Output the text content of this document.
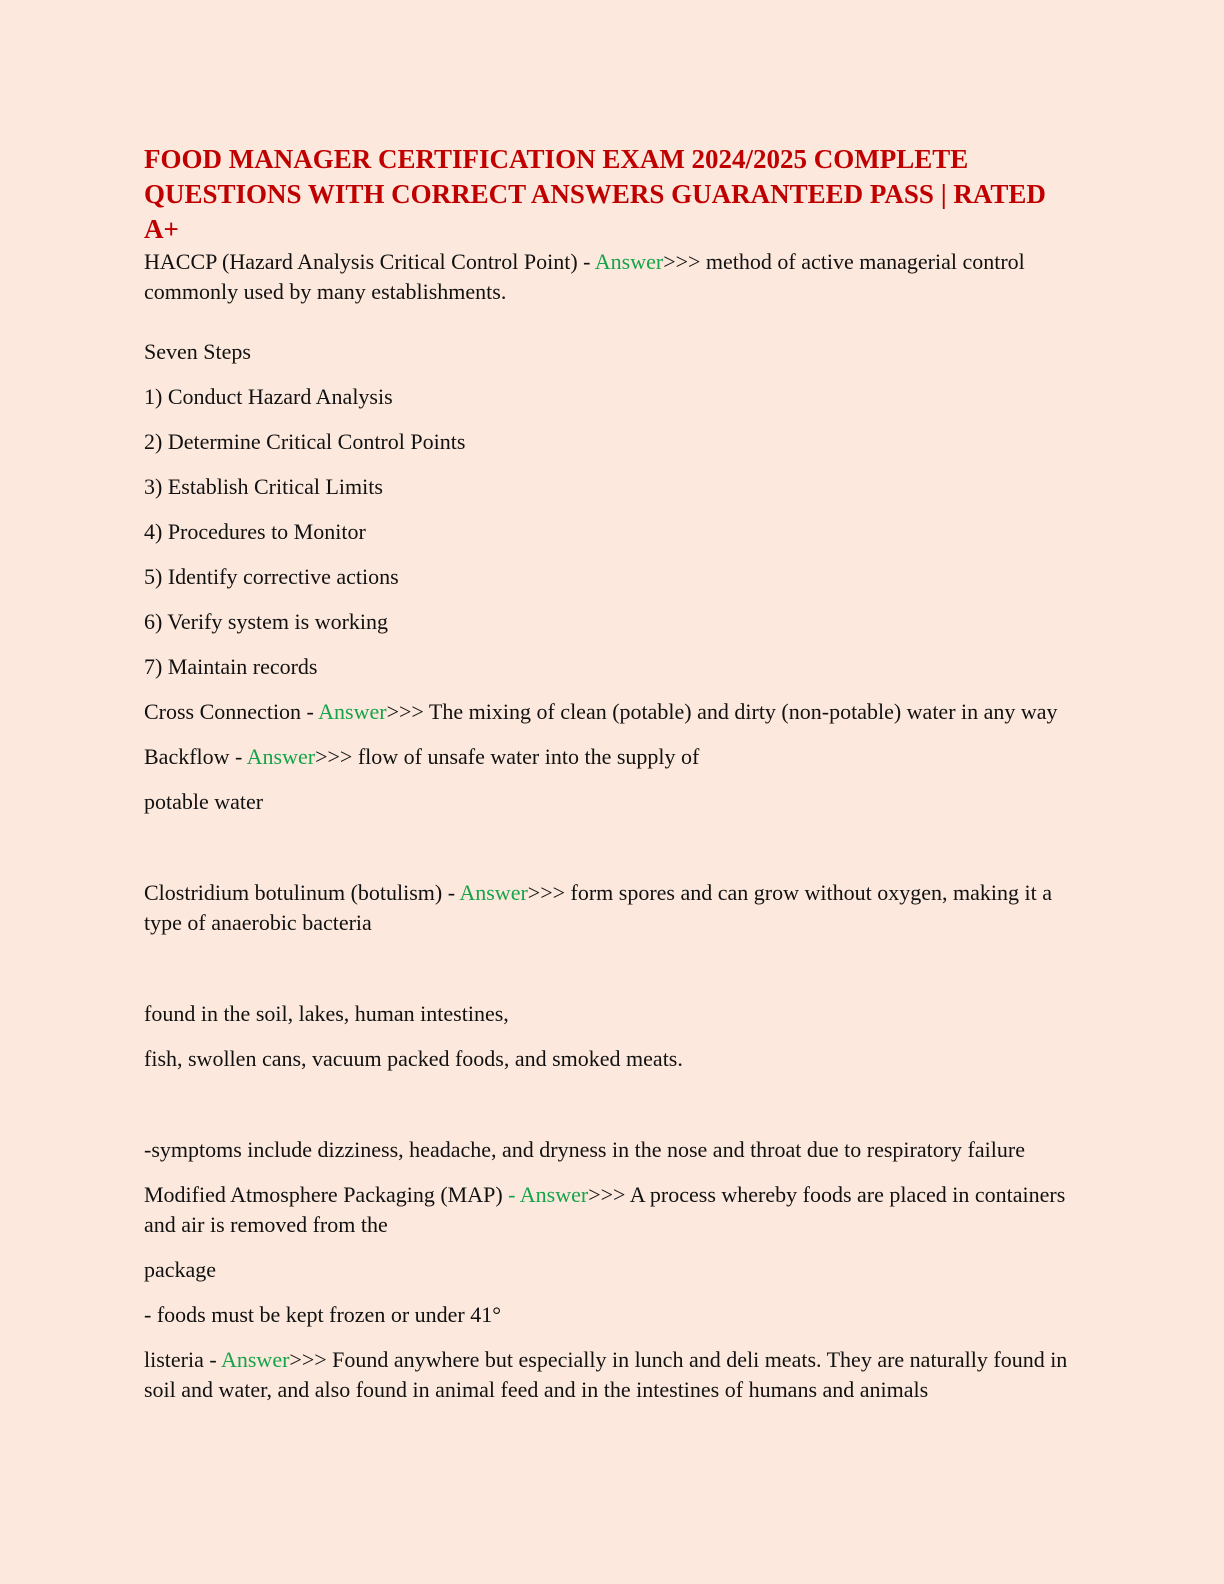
FOOD MANAGER CERTIFICATION EXAM 2024/2025 COMPLETE QUESTIONS WITH CORRECT ANSWERS GUARANTEED PASS | RATED A+

HACCP (Hazard Analysis Critical Control Point) - Answer>>> method of active managerial control commonly used by many establishments.

Seven Steps

1) Conduct Hazard Analysis

2) Determine Critical Control Points

3) Establish Critical Limits

4) Procedures to Monitor

5) Identify corrective actions

6) Verify system is working

7) Maintain records

Cross Connection - Answer>>> The mixing of clean (potable) and dirty (non-potable) water in any way

Backflow - Answer>>> flow of unsafe water into the supply of

potable water

Clostridium botulinum (botulism) - Answer>>> form spores and can grow without oxygen, making it a type of anaerobic bacteria

found in the soil, lakes, human intestines,

fish, swollen cans, vacuum packed foods, and smoked meats.

-symptoms include dizziness, headache, and dryness in the nose and throat due to respiratory failure

Modified Atmosphere Packaging (MAP) - Answer>>> A process whereby foods are placed in containers and air is removed from the

package

- foods must be kept frozen or under 41°

listeria - Answer>>> Found anywhere but especially in lunch and deli meats. They are naturally found in soil and water, and also found in animal feed and in the intestines of humans and animals
